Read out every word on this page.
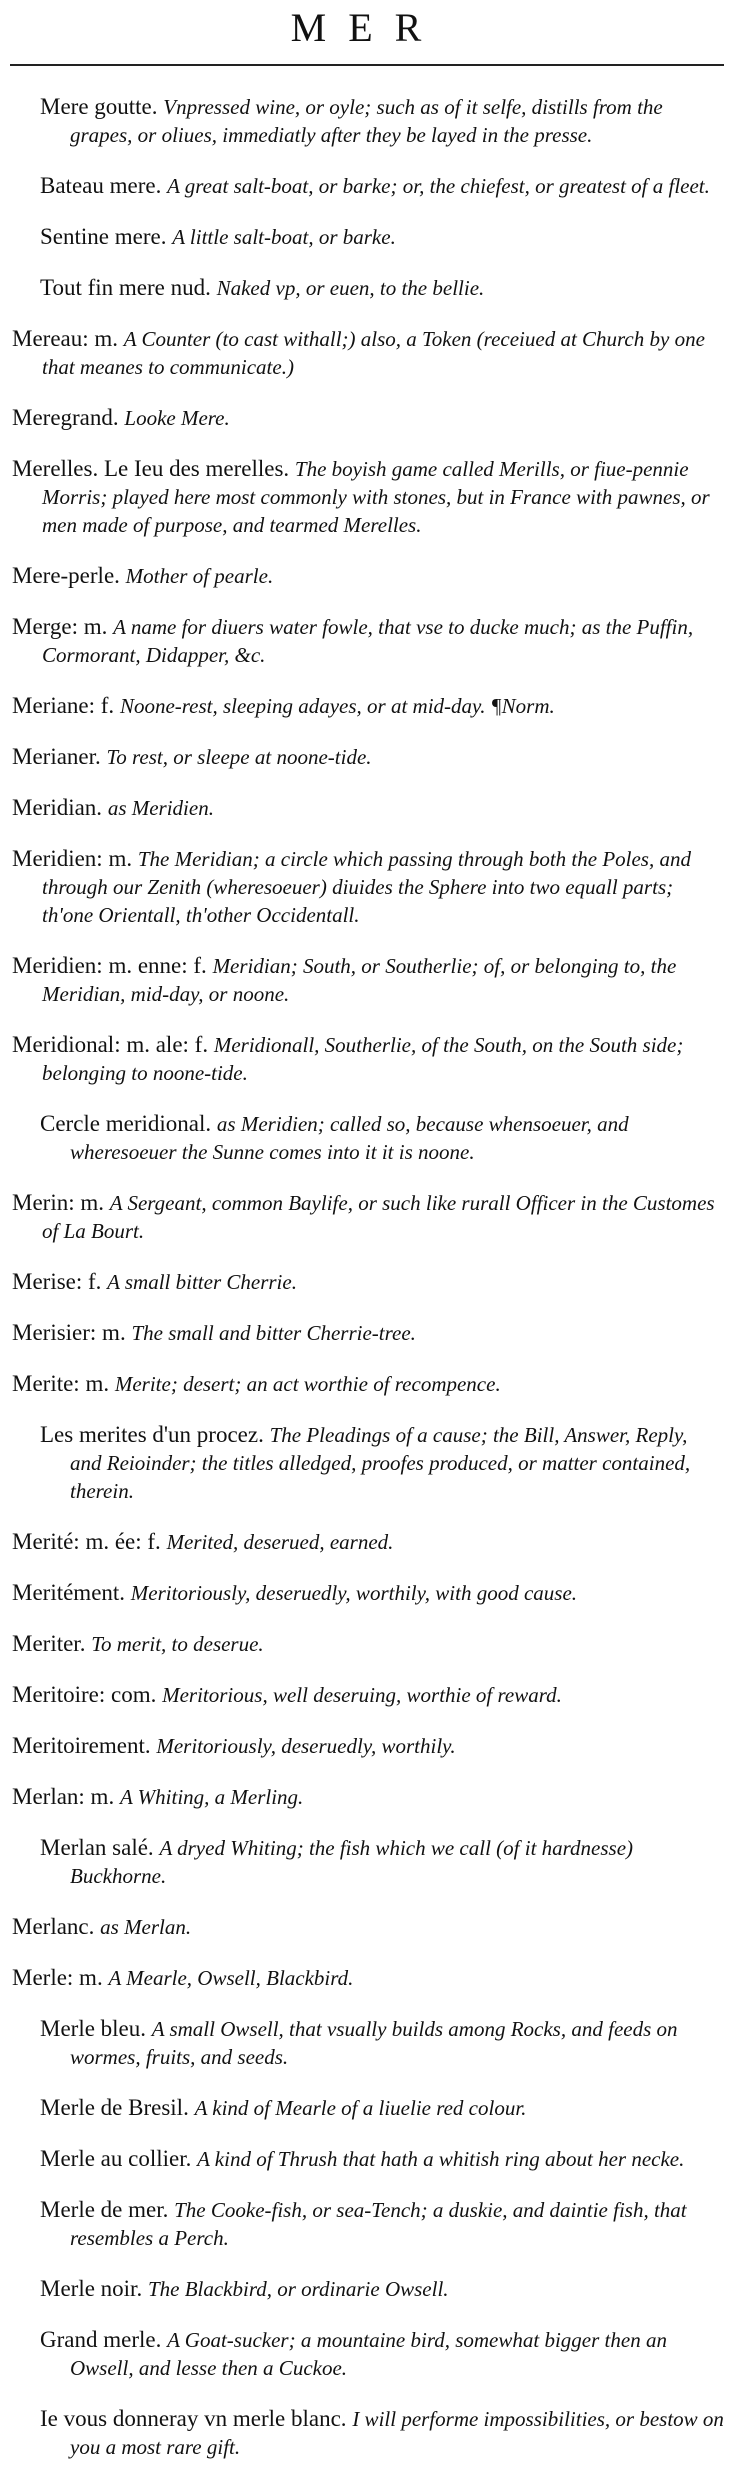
MER

Mere goutte. Vnpressed wine, or oyle; such as of it selfe, distills from the grapes, or oliues, immediatly after they be layed in the presse.

Bateau mere. A great salt-boat, or barke; or, the chiefest, or greatest of a fleet.

Sentine mere. A little salt-boat, or barke.

Tout fin mere nud. Naked vp, or euen, to the bellie.

Mereau: m. A Counter (to cast withall;) also, a Token (receiued at Church by one that meanes to communicate.)

Meregrand. Looke Mere.

Merelles. Le Ieu des merelles. The boyish game called Merills, or fiue-pennie Morris; played here most commonly with stones, but in France with pawnes, or men made of purpose, and tearmed Merelles.

Mere-perle. Mother of pearle.

Merge: m. A name for diuers water fowle, that vse to ducke much; as the Puffin, Cormorant, Didapper, &c.

Meriane: f. Noone-rest, sleeping adayes, or at mid-day. ¶Norm.

Merianer. To rest, or sleepe at noone-tide.

Meridian. as Meridien.

Meridien: m. The Meridian; a circle which passing through both the Poles, and through our Zenith (wheresoeuer) diuides the Sphere into two equall parts; th'one Orientall, th'other Occidentall.

Meridien: m. enne: f. Meridian; South, or Southerlie; of, or belonging to, the Meridian, mid-day, or noone.

Meridional: m. ale: f. Meridionall, Southerlie, of the South, on the South side; belonging to noone-tide.

Cercle meridional. as Meridien; called so, because whensoeuer, and wheresoeuer the Sunne comes into it it is noone.

Merin: m. A Sergeant, common Baylife, or such like rurall Officer in the Customes of La Bourt.

Merise: f. A small bitter Cherrie.

Merisier: m. The small and bitter Cherrie-tree.

Merite: m. Merite; desert; an act worthie of recompence.

Les merites d'un procez. The Pleadings of a cause; the Bill, Answer, Reply, and Reioinder; the titles alledged, proofes produced, or matter contained, therein.

Merité: m. ée: f. Merited, deserued, earned.

Meritément. Meritoriously, deseruedly, worthily, with good cause.

Meriter. To merit, to deserue.

Meritoire: com. Meritorious, well deseruing, worthie of reward.

Meritoirement. Meritoriously, deseruedly, worthily.

Merlan: m. A Whiting, a Merling.

Merlan salé. A dryed Whiting; the fish which we call (of it hardnesse) Buckhorne.

Merlanc. as Merlan.

Merle: m. A Mearle, Owsell, Blackbird.

Merle bleu. A small Owsell, that vsually builds among Rocks, and feeds on wormes, fruits, and seeds.

Merle de Bresil. A kind of Mearle of a liuelie red colour.

Merle au collier. A kind of Thrush that hath a whitish ring about her necke.

Merle de mer. The Cooke-fish, or sea-Tench; a duskie, and daintie fish, that resembles a Perch.

Merle noir. The Blackbird, or ordinarie Owsell.

Grand merle. A Goat-sucker; a mountaine bird, somewhat bigger then an Owsell, and lesse then a Cuckoe.

Ie vous donneray vn merle blanc. I will performe impossibilities, or bestow on you a most rare gift.
